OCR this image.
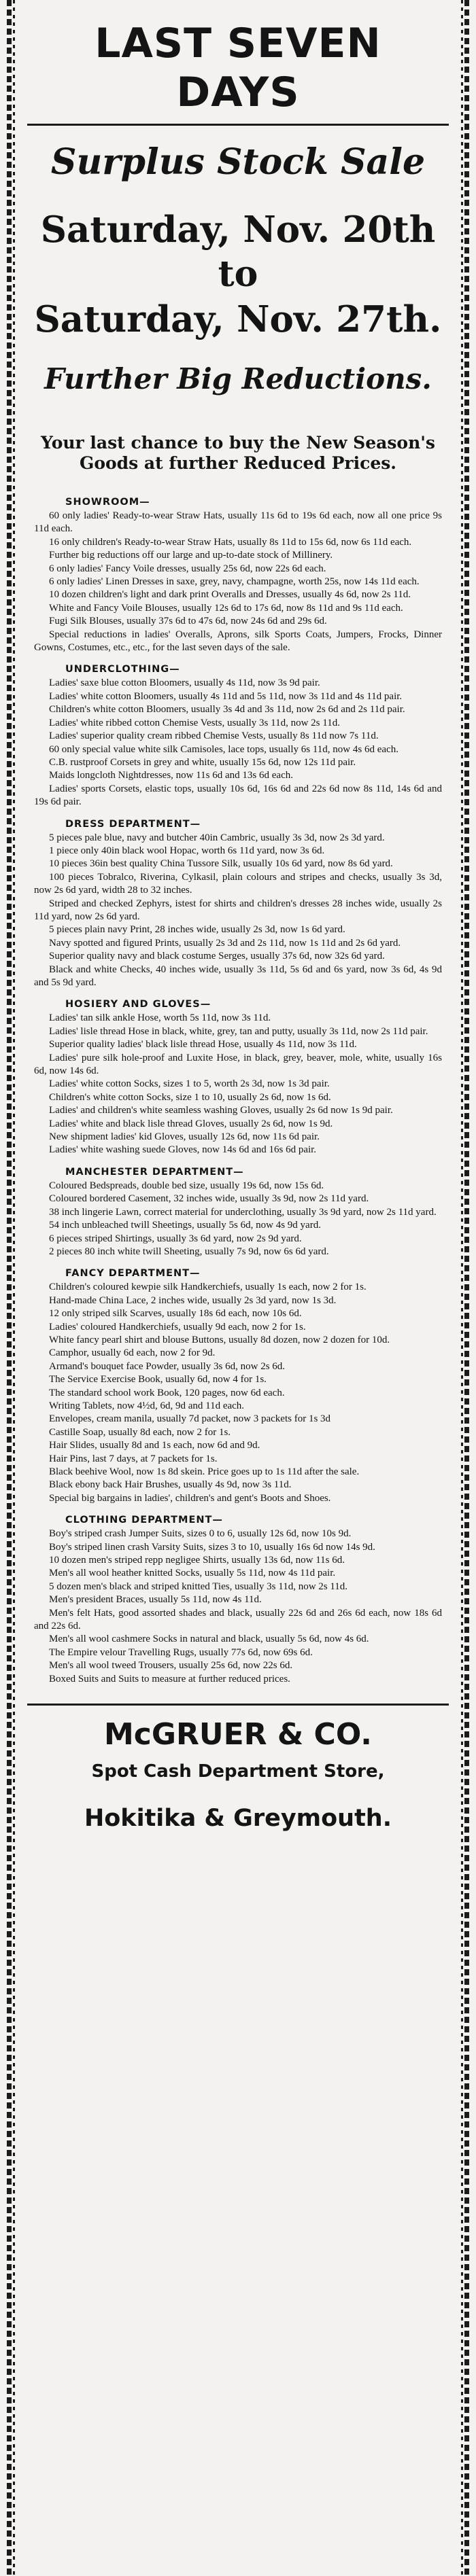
LAST SEVEN DAYS
Surplus Stock Sale
Saturday, Nov. 20th
to
Saturday, Nov. 27th.
Further Big Reductions.
Your last chance to buy the New Season's
Goods at further Reduced Prices.
SHOWROOM—

60 only ladies' Ready-to-wear Straw Hats, usually 11s 6d to 19s 6d each, now all one price 9s 11d each.

16 only children's Ready-to-wear Straw Hats, usually 8s 11d to 15s 6d, now 6s 11d each.

Further big reductions off our large and up-to-date stock of Millinery.

6 only ladies' Fancy Voile dresses, usually 25s 6d, now 22s 6d each.

6 only ladies' Linen Dresses in saxe, grey, navy, champagne, worth 25s, now 14s 11d each.

10 dozen children's light and dark print Overalls and Dresses, usually 4s 6d, now 2s 11d.

White and Fancy Voile Blouses, usually 12s 6d to 17s 6d, now 8s 11d and 9s 11d each.

Fugi Silk Blouses, usually 37s 6d to 47s 6d, now 24s 6d and 29s 6d.

Special reductions in ladies' Overalls, Aprons, silk Sports Coats, Jumpers, Frocks, Dinner Gowns, Costumes, etc., etc., for the last seven days of the sale.

UNDERCLOTHING—

Ladies' saxe blue cotton Bloomers, usually 4s 11d, now 3s 9d pair.

Ladies' white cotton Bloomers, usually 4s 11d and 5s 11d, now 3s 11d and 4s 11d pair.

Children's white cotton Bloomers, usually 3s 4d and 3s 11d, now 2s 6d and 2s 11d pair.

Ladies' white ribbed cotton Chemise Vests, usually 3s 11d, now 2s 11d.

Ladies' superior quality cream ribbed Chemise Vests, usually 8s 11d now 7s 11d.

60 only special value white silk Camisoles, lace tops, usually 6s 11d, now 4s 6d each.

C.B. rustproof Corsets in grey and white, usually 15s 6d, now 12s 11d pair.

Maids longcloth Nightdresses, now 11s 6d and 13s 6d each.

Ladies' sports Corsets, elastic tops, usually 10s 6d, 16s 6d and 22s 6d now 8s 11d, 14s 6d and 19s 6d pair.

DRESS DEPARTMENT—

5 pieces pale blue, navy and butcher 40in Cambric, usually 3s 3d, now 2s 3d yard.

1 piece only 40in black wool Hopac, worth 6s 11d yard, now 3s 6d.

10 pieces 36in best quality China Tussore Silk, usually 10s 6d yard, now 8s 6d yard.

100 pieces Tobralco, Riverina, Cylkasil, plain colours and stripes and checks, usually 3s 3d, now 2s 6d yard, width 28 to 32 inches.

Striped and checked Zephyrs, istest for shirts and children's dresses 28 inches wide, usually 2s 11d yard, now 2s 6d yard.

5 pieces plain navy Print, 28 inches wide, usually 2s 3d, now 1s 6d yard.

Navy spotted and figured Prints, usually 2s 3d and 2s 11d, now 1s 11d and 2s 6d yard.

Superior quality navy and black costume Serges, usually 37s 6d, now 32s 6d yard.

Black and white Checks, 40 inches wide, usually 3s 11d, 5s 6d and 6s yard, now 3s 6d, 4s 9d and 5s 9d yard.

HOSIERY AND GLOVES—

Ladies' tan silk ankle Hose, worth 5s 11d, now 3s 11d.

Ladies' lisle thread Hose in black, white, grey, tan and putty, usually 3s 11d, now 2s 11d pair.

Superior quality ladies' black lisle thread Hose, usually 4s 11d, now 3s 11d.

Ladies' pure silk hole-proof and Luxite Hose, in black, grey, beaver, mole, white, usually 16s 6d, now 14s 6d.

Ladies' white cotton Socks, sizes 1 to 5, worth 2s 3d, now 1s 3d pair.

Children's white cotton Socks, size 1 to 10, usually 2s 6d, now 1s 6d.

Ladies' and children's white seamless washing Gloves, usually 2s 6d now 1s 9d pair.

Ladies' white and black lisle thread Gloves, usually 2s 6d, now 1s 9d.

New shipment ladies' kid Gloves, usually 12s 6d, now 11s 6d pair.

Ladies' white washing suede Gloves, now 14s 6d and 16s 6d pair.

MANCHESTER DEPARTMENT—

Coloured Bedspreads, double bed size, usually 19s 6d, now 15s 6d.

Coloured bordered Casement, 32 inches wide, usually 3s 9d, now 2s 11d yard.

38 inch lingerie Lawn, correct material for underclothing, usually 3s 9d yard, now 2s 11d yard.

54 inch unbleached twill Sheetings, usually 5s 6d, now 4s 9d yard.

6 pieces striped Shirtings, usually 3s 6d yard, now 2s 9d yard.

2 pieces 80 inch white twill Sheeting, usually 7s 9d, now 6s 6d yard.

FANCY DEPARTMENT—

Children's coloured kewpie silk Handkerchiefs, usually 1s each, now 2 for 1s.

Hand-made China Lace, 2 inches wide, usually 2s 3d yard, now 1s 3d.

12 only striped silk Scarves, usually 18s 6d each, now 10s 6d.

Ladies' coloured Handkerchiefs, usually 9d each, now 2 for 1s.

White fancy pearl shirt and blouse Buttons, usually 8d dozen, now 2 dozen for 10d.

Camphor, usually 6d each, now 2 for 9d.

Armand's bouquet face Powder, usually 3s 6d, now 2s 6d.

The Service Exercise Book, usually 6d, now 4 for 1s.

The standard school work Book, 120 pages, now 6d each.

Writing Tablets, now 4½d, 6d, 9d and 11d each.

Envelopes, cream manila, usually 7d packet, now 3 packets for 1s 3d

Castille Soap, usually 8d each, now 2 for 1s.

Hair Slides, usually 8d and 1s each, now 6d and 9d.

Hair Pins, last 7 days, at 7 packets for 1s.

Black beehive Wool, now 1s 8d skein. Price goes up to 1s 11d after the sale.

Black ebony back Hair Brushes, usually 4s 9d, now 3s 11d.

Special big bargains in ladies', children's and gent's Boots and Shoes.

CLOTHING DEPARTMENT—

Boy's striped crash Jumper Suits, sizes 0 to 6, usually 12s 6d, now 10s 9d.

Boy's striped linen crash Varsity Suits, sizes 3 to 10, usually 16s 6d now 14s 9d.

10 dozen men's striped repp negligee Shirts, usually 13s 6d, now 11s 6d.

Men's all wool heather knitted Socks, usually 5s 11d, now 4s 11d pair.

5 dozen men's black and striped knitted Ties, usually 3s 11d, now 2s 11d.

Men's president Braces, usually 5s 11d, now 4s 11d.

Men's felt Hats, good assorted shades and black, usually 22s 6d and 26s 6d each, now 18s 6d and 22s 6d.

Men's all wool cashmere Socks in natural and black, usually 5s 6d, now 4s 6d.

The Empire velour Travelling Rugs, usually 77s 6d, now 69s 6d.

Men's all wool tweed Trousers, usually 25s 6d, now 22s 6d.

Boxed Suits and Suits to measure at further reduced prices.

McGRUER & CO.
Spot Cash Department Store,
Hokitika & Greymouth.
